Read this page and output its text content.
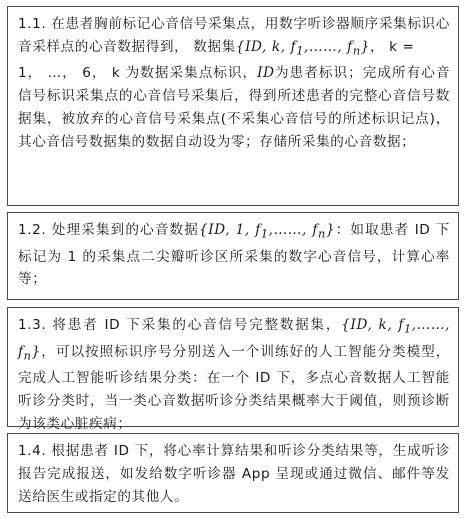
1.1. 在患者胸前标记心音信号采集点，用数字听诊器顺序采集标识心音采样点的心音数据得到， 数据集{ID, k, $f_1,\dots\dots$, $f_n$}， k =
1， …， 6， k 为数据采集点标识，ID为患者标识；完成所有心音信号标识采集点的心音信号采集后，得到所述患者的完整心音信号数据集，被放弃的心音信号采集点(不采集心音信号的所述标识记点)，其心音信号数据集的数据自动设为零；存储所采集的心音数据；
1.2. 处理采集到的心音数据{ID, 1, $f_1,\dots\dots$, $f_n$}：如取患者 ID 下标记为 1 的采集点二尖瓣听诊区所采集的数字心音信号，计算心率等；
1.3. 将患者 ID 下采集的心音信号完整数据集，{ID, k, $f_1,\dots\dots$, $f_n$}，可以按照标识序号分别送入一个训练好的人工智能分类模型，完成人工智能听诊结果分类：在一个 ID 下，多点心音数据人工智能听诊分类时，当一类心音数据听诊分类结果概率大于阈值，则预诊断为该类心脏疾病；
1.4. 根据患者 ID 下，将心率计算结果和听诊分类结果等，生成听诊报告完成报送，如发给数字听诊器 App 呈现或通过微信、邮件等发送给医生或指定的其他人。
